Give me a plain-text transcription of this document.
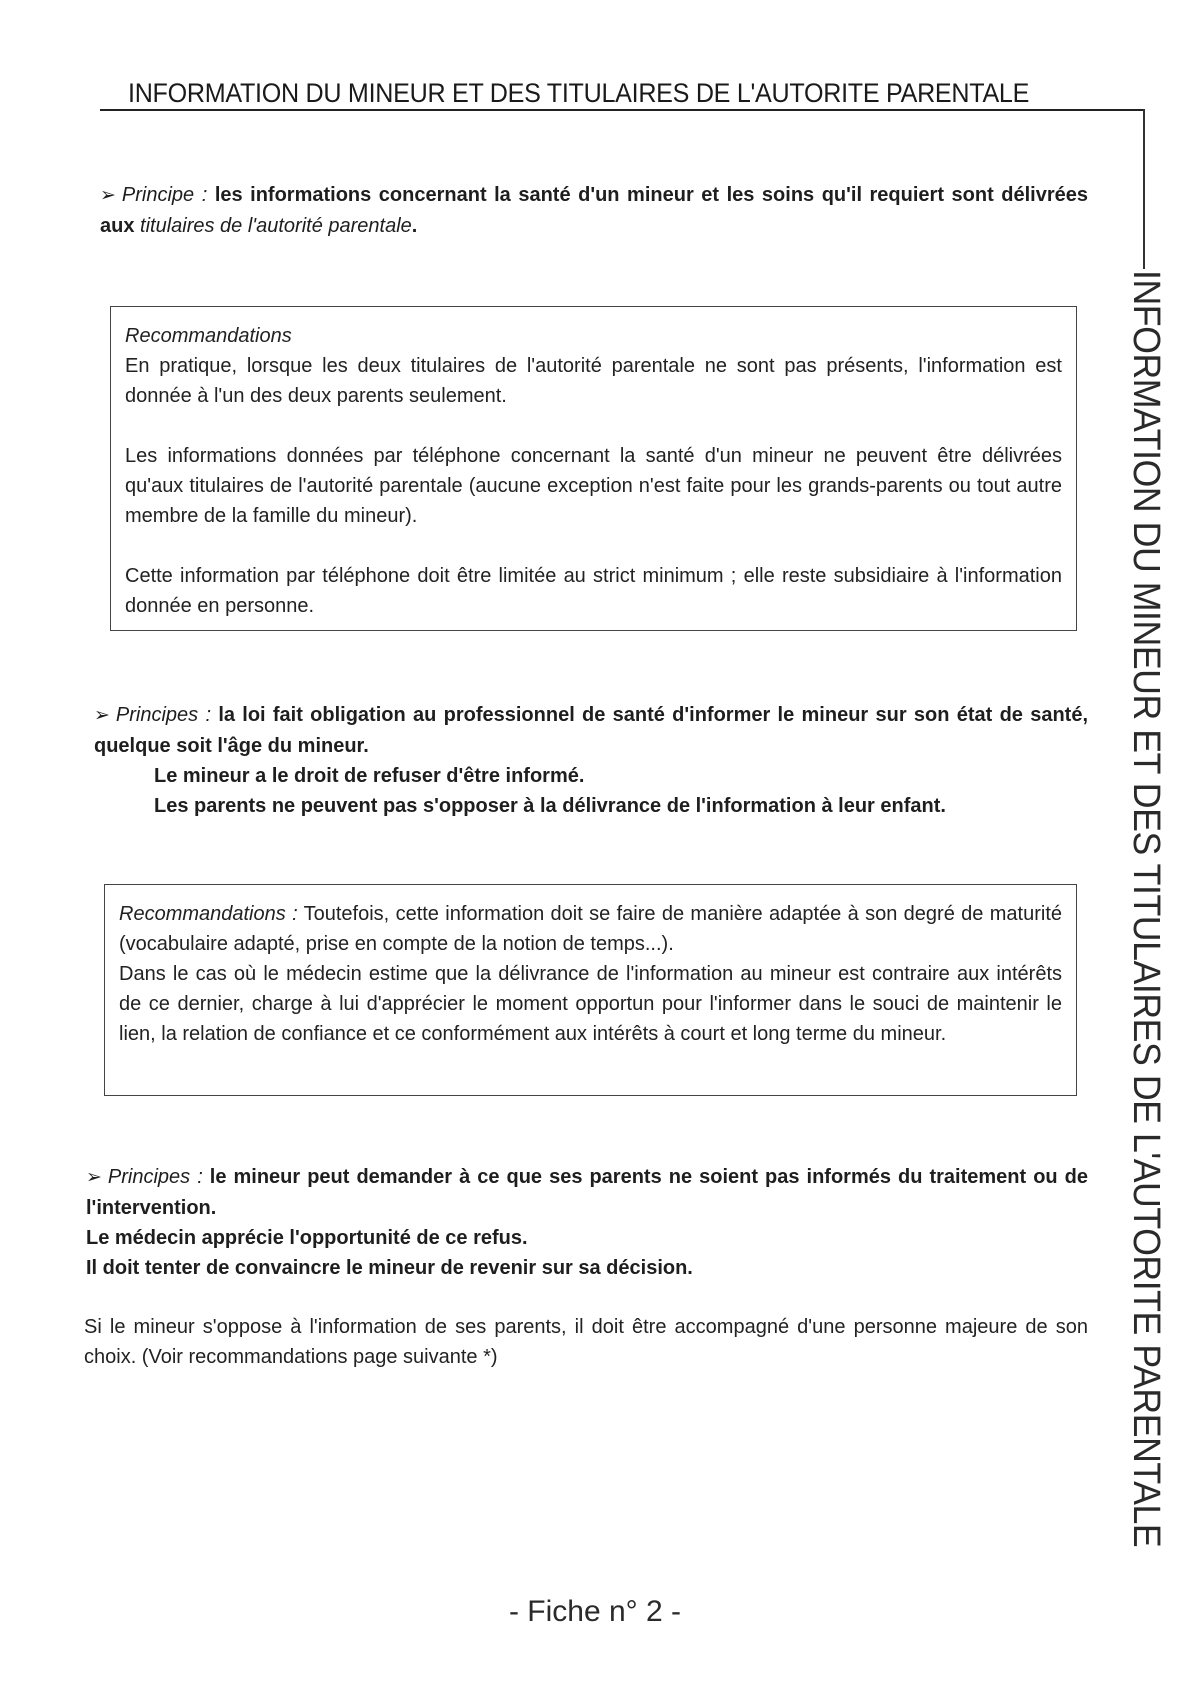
INFORMATION DU MINEUR ET DES TITULAIRES DE L'AUTORITE PARENTALE
INFORMATION DU MINEUR ET DES TITULAIRES DE L'AUTORITE PARENTALE
➢ Principe : les informations concernant la santé d'un mineur et les soins qu'il requiert sont délivrées aux titulaires de l'autorité parentale.
Recommandations

En pratique, lorsque les deux titulaires de l'autorité parentale ne sont pas présents, l'information est donnée à l'un des deux parents seulement.

Les informations données par téléphone concernant la santé d'un mineur ne peuvent être délivrées qu'aux titulaires de l'autorité parentale (aucune exception n'est faite pour les grands-parents ou tout autre membre de la famille du mineur).

Cette information par téléphone doit être limitée au strict minimum ; elle reste subsidiaire à l'information donnée en personne.

➢ Principes : la loi fait obligation au professionnel de santé d'informer le mineur sur son état de santé, quelque soit l'âge du mineur.
Le mineur a le droit de refuser d'être informé.
Les parents ne peuvent pas s'opposer à la délivrance de l'information à leur enfant.

Recommandations : Toutefois, cette information doit se faire de manière adaptée à son degré de maturité (vocabulaire adapté, prise en compte de la notion de temps...).

Dans le cas où le médecin estime que la délivrance de l'information au mineur est contraire aux intérêts de ce dernier, charge à lui d'apprécier le moment opportun pour l'informer dans le souci de maintenir le lien, la relation de confiance et ce conformément aux intérêts à court et long terme du mineur.

➢ Principes : le mineur peut demander à ce que ses parents ne soient pas informés du traitement ou de l'intervention.
Le médecin apprécie l'opportunité de ce refus.
Il doit tenter de convaincre le mineur de revenir sur sa décision.
Si le mineur s'oppose à l'information de ses parents, il doit être accompagné d'une personne majeure de son choix. (Voir recommandations page suivante *)
- Fiche n° 2 -
